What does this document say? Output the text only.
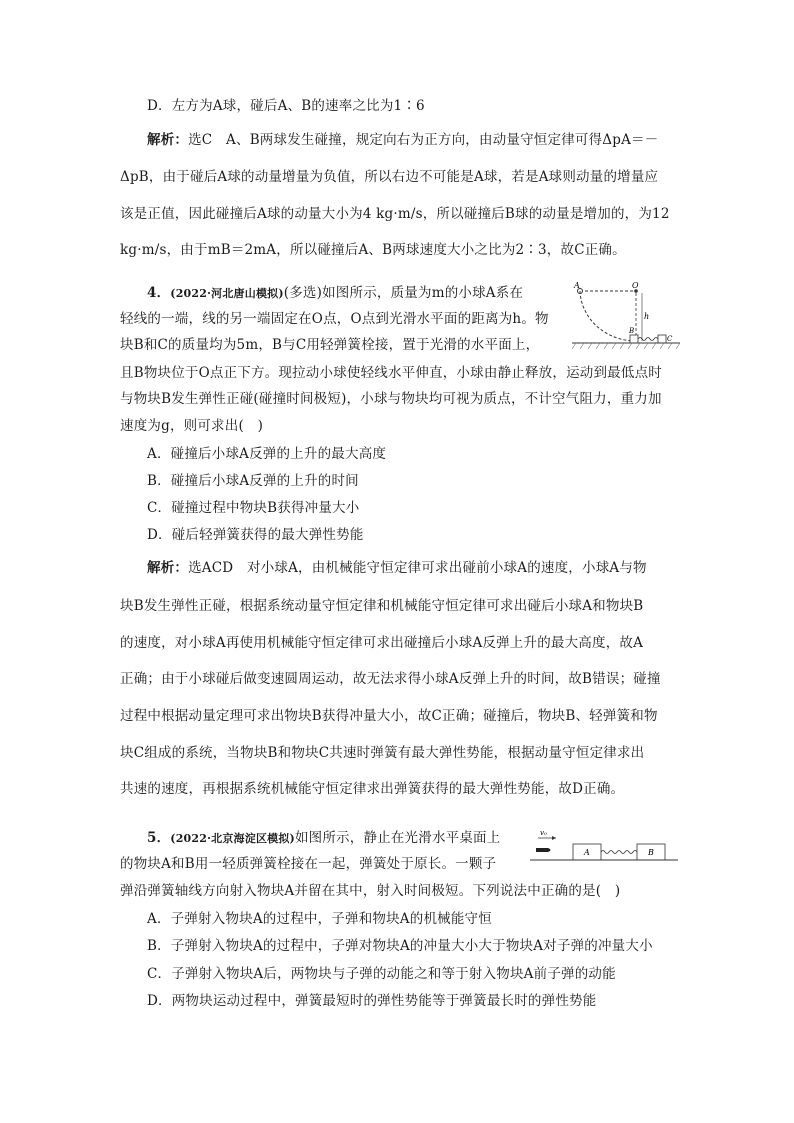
D．左方为A球，碰后A、B的速率之比为1∶6
解析：选C　A、B两球发生碰撞，规定向右为正方向，由动量守恒定律可得ΔpA＝－
ΔpB，由于碰后A球的动量增量为负值，所以右边不可能是A球，若是A球则动量的增量应
该是正值，因此碰撞后A球的动量大小为4 kg·m/s，所以碰撞后B球的动量是增加的，为12
kg·m/s，由于mB＝2mA，所以碰撞后A、B两球速度大小之比为2∶3，故C正确。
4．(2022·河北唐山模拟)(多选)如图所示，质量为m的小球A系在
轻线的一端，线的另一端固定在O点，O点到光滑水平面的距离为h。物
块B和C的质量均为5m，B与C用轻弹簧栓接，置于光滑的水平面上，
且B物块位于O点正下方。现拉动小球使轻线水平伸直，小球由静止释放，运动到最低点时
与物块B发生弹性正碰(碰撞时间极短)，小球与物块均可视为质点，不计空气阻力，重力加
速度为g，则可求出(　)
A．碰撞后小球A反弹的上升的最大高度
B．碰撞后小球A反弹的上升的时间
C．碰撞过程中物块B获得冲量大小
D．碰后轻弹簧获得的最大弹性势能
A	O
h
B
C
解析：选ACD　对小球A，由机械能守恒定律可求出碰前小球A的速度，小球A与物
块B发生弹性正碰，根据系统动量守恒定律和机械能守恒定律可求出碰后小球A和物块B
的速度，对小球A再使用机械能守恒定律可求出碰撞后小球A反弹上升的最大高度，故A
正确；由于小球碰后做变速圆周运动，故无法求得小球A反弹上升的时间，故B错误；碰撞
过程中根据动量定理可求出物块B获得冲量大小，故C正确；碰撞后，物块B、轻弹簧和物
块C组成的系统，当物块B和物块C共速时弹簧有最大弹性势能，根据动量守恒定律求出
共速的速度，再根据系统机械能守恒定律求出弹簧获得的最大弹性势能，故D正确。
5．(2022·北京海淀区模拟)如图所示，静止在光滑水平桌面上
的物块A和B用一轻质弹簧栓接在一起，弹簧处于原长。一颗子
弹沿弹簧轴线方向射入物块A并留在其中，射入时间极短。下列说法中正确的是(　)
A．子弹射入物块A的过程中，子弹和物块A的机械能守恒
B．子弹射入物块A的过程中，子弹对物块A的冲量大小大于物块A对子弹的冲量大小
C．子弹射入物块A后，两物块与子弹的动能之和等于射入物块A前子弹的动能
D．两物块运动过程中，弹簧最短时的弹性势能等于弹簧最长时的弹性势能
v₀
A	B
